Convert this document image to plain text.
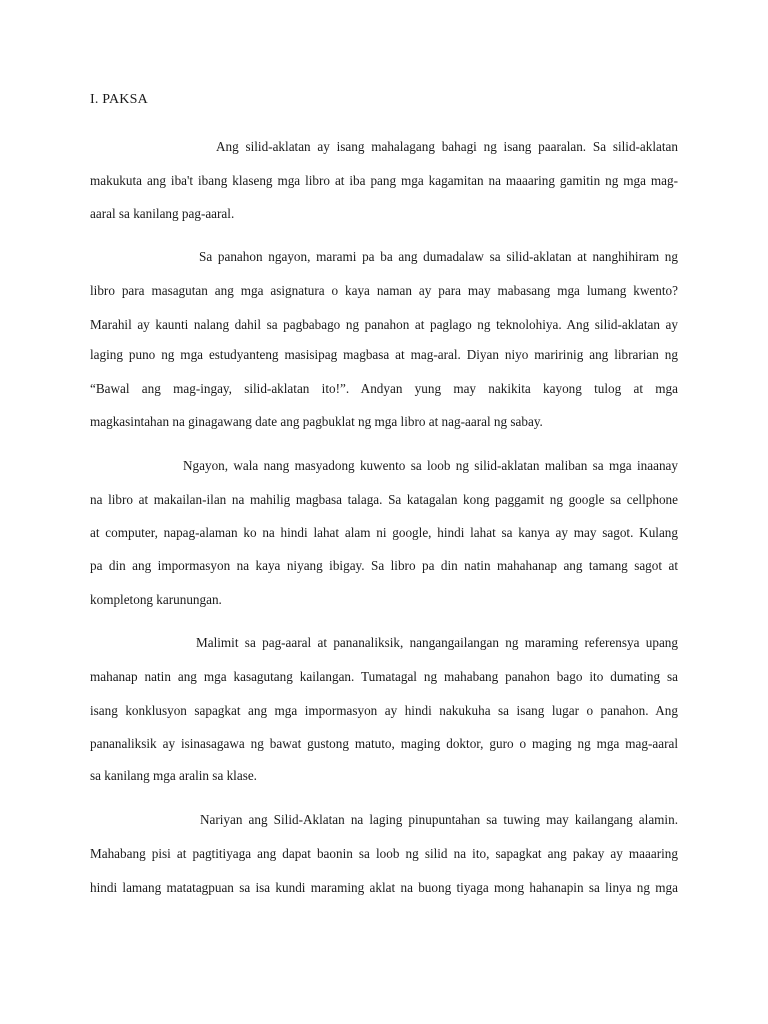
I. PAKSA
Ang silid-aklatan ay isang mahalagang bahagi ng isang paaralan. Sa silid-aklatan
makukuta ang iba't ibang klaseng mga libro at iba pang mga kagamitan na maaaring gamitin ng mga mag-
aaral sa kanilang pag-aaral.
Sa panahon ngayon, marami pa ba ang dumadalaw sa silid-aklatan at nanghihiram ng
libro para masagutan ang mga asignatura o kaya naman ay para may mabasang mga lumang kwento?
Marahil ay kaunti nalang dahil sa pagbabago ng panahon at paglago ng teknolohiya. Ang silid-aklatan ay
laging puno ng mga estudyanteng masisipag magbasa at mag-aral. Diyan niyo maririnig ang librarian ng
“Bawal ang mag-ingay, silid-aklatan ito!”. Andyan yung may nakikita kayong tulog at mga
magkasintahan na ginagawang date ang pagbuklat ng mga libro at nag-aaral ng sabay.
Ngayon, wala nang masyadong kuwento sa loob ng silid-aklatan maliban sa mga inaanay
na libro at makailan-ilan na mahilig magbasa talaga. Sa katagalan kong paggamit ng google sa cellphone
at computer, napag-alaman ko na hindi lahat alam ni google, hindi lahat sa kanya ay may sagot. Kulang
pa din ang impormasyon na kaya niyang ibigay. Sa libro pa din natin mahahanap ang tamang sagot at
kompletong karunungan.
Malimit sa pag-aaral at pananaliksik, nangangailangan ng maraming referensya upang
mahanap natin ang mga kasagutang kailangan. Tumatagal ng mahabang panahon bago ito dumating sa
isang konklusyon sapagkat ang mga impormasyon ay hindi nakukuha sa isang lugar o panahon. Ang
pananaliksik ay isinasagawa ng bawat gustong matuto, maging doktor, guro o maging ng mga mag-aaral
sa kanilang mga aralin sa klase.
Nariyan ang Silid-Aklatan na laging pinupuntahan sa tuwing may kailangang alamin.
Mahabang pisi at pagtitiyaga ang dapat baonin sa loob ng silid na ito, sapagkat ang pakay ay maaaring
hindi lamang matatagpuan sa isa kundi maraming aklat na buong tiyaga mong hahanapin sa linya ng mga
